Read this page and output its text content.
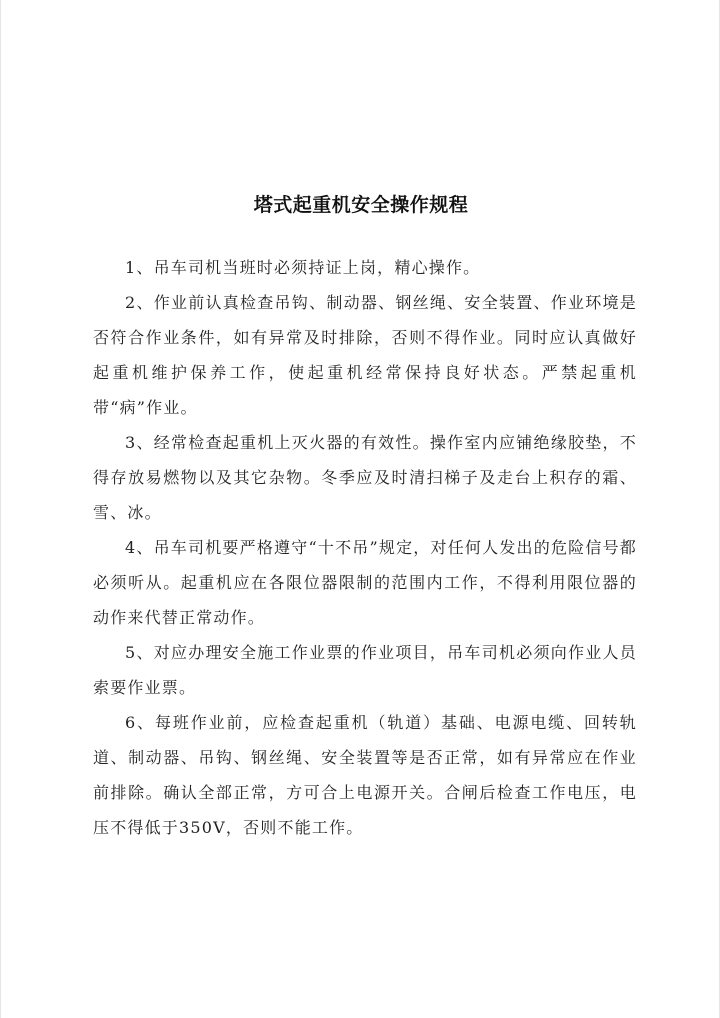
塔式起重机安全操作规程

1、吊车司机当班时必须持证上岗，精心操作。

2、作业前认真检查吊钩、制动器、钢丝绳、安全装置、作业环境是否符合作业条件，如有异常及时排除，否则不得作业。同时应认真做好起重机维护保养工作，使起重机经常保持良好状态。严禁起重机带“病”作业。

3、经常检查起重机上灭火器的有效性。操作室内应铺绝缘胶垫，不得存放易燃物以及其它杂物。冬季应及时清扫梯子及走台上积存的霜、雪、冰。

4、吊车司机要严格遵守“十不吊”规定，对任何人发出的危险信号都必须听从。起重机应在各限位器限制的范围内工作，不得利用限位器的动作来代替正常动作。

5、对应办理安全施工作业票的作业项目，吊车司机必须向作业人员索要作业票。

6、每班作业前，应检查起重机（轨道）基础、电源电缆、回转轨道、制动器、吊钩、钢丝绳、安全装置等是否正常，如有异常应在作业前排除。确认全部正常，方可合上电源开关。合闸后检查工作电压，电压不得低于350V，否则不能工作。
